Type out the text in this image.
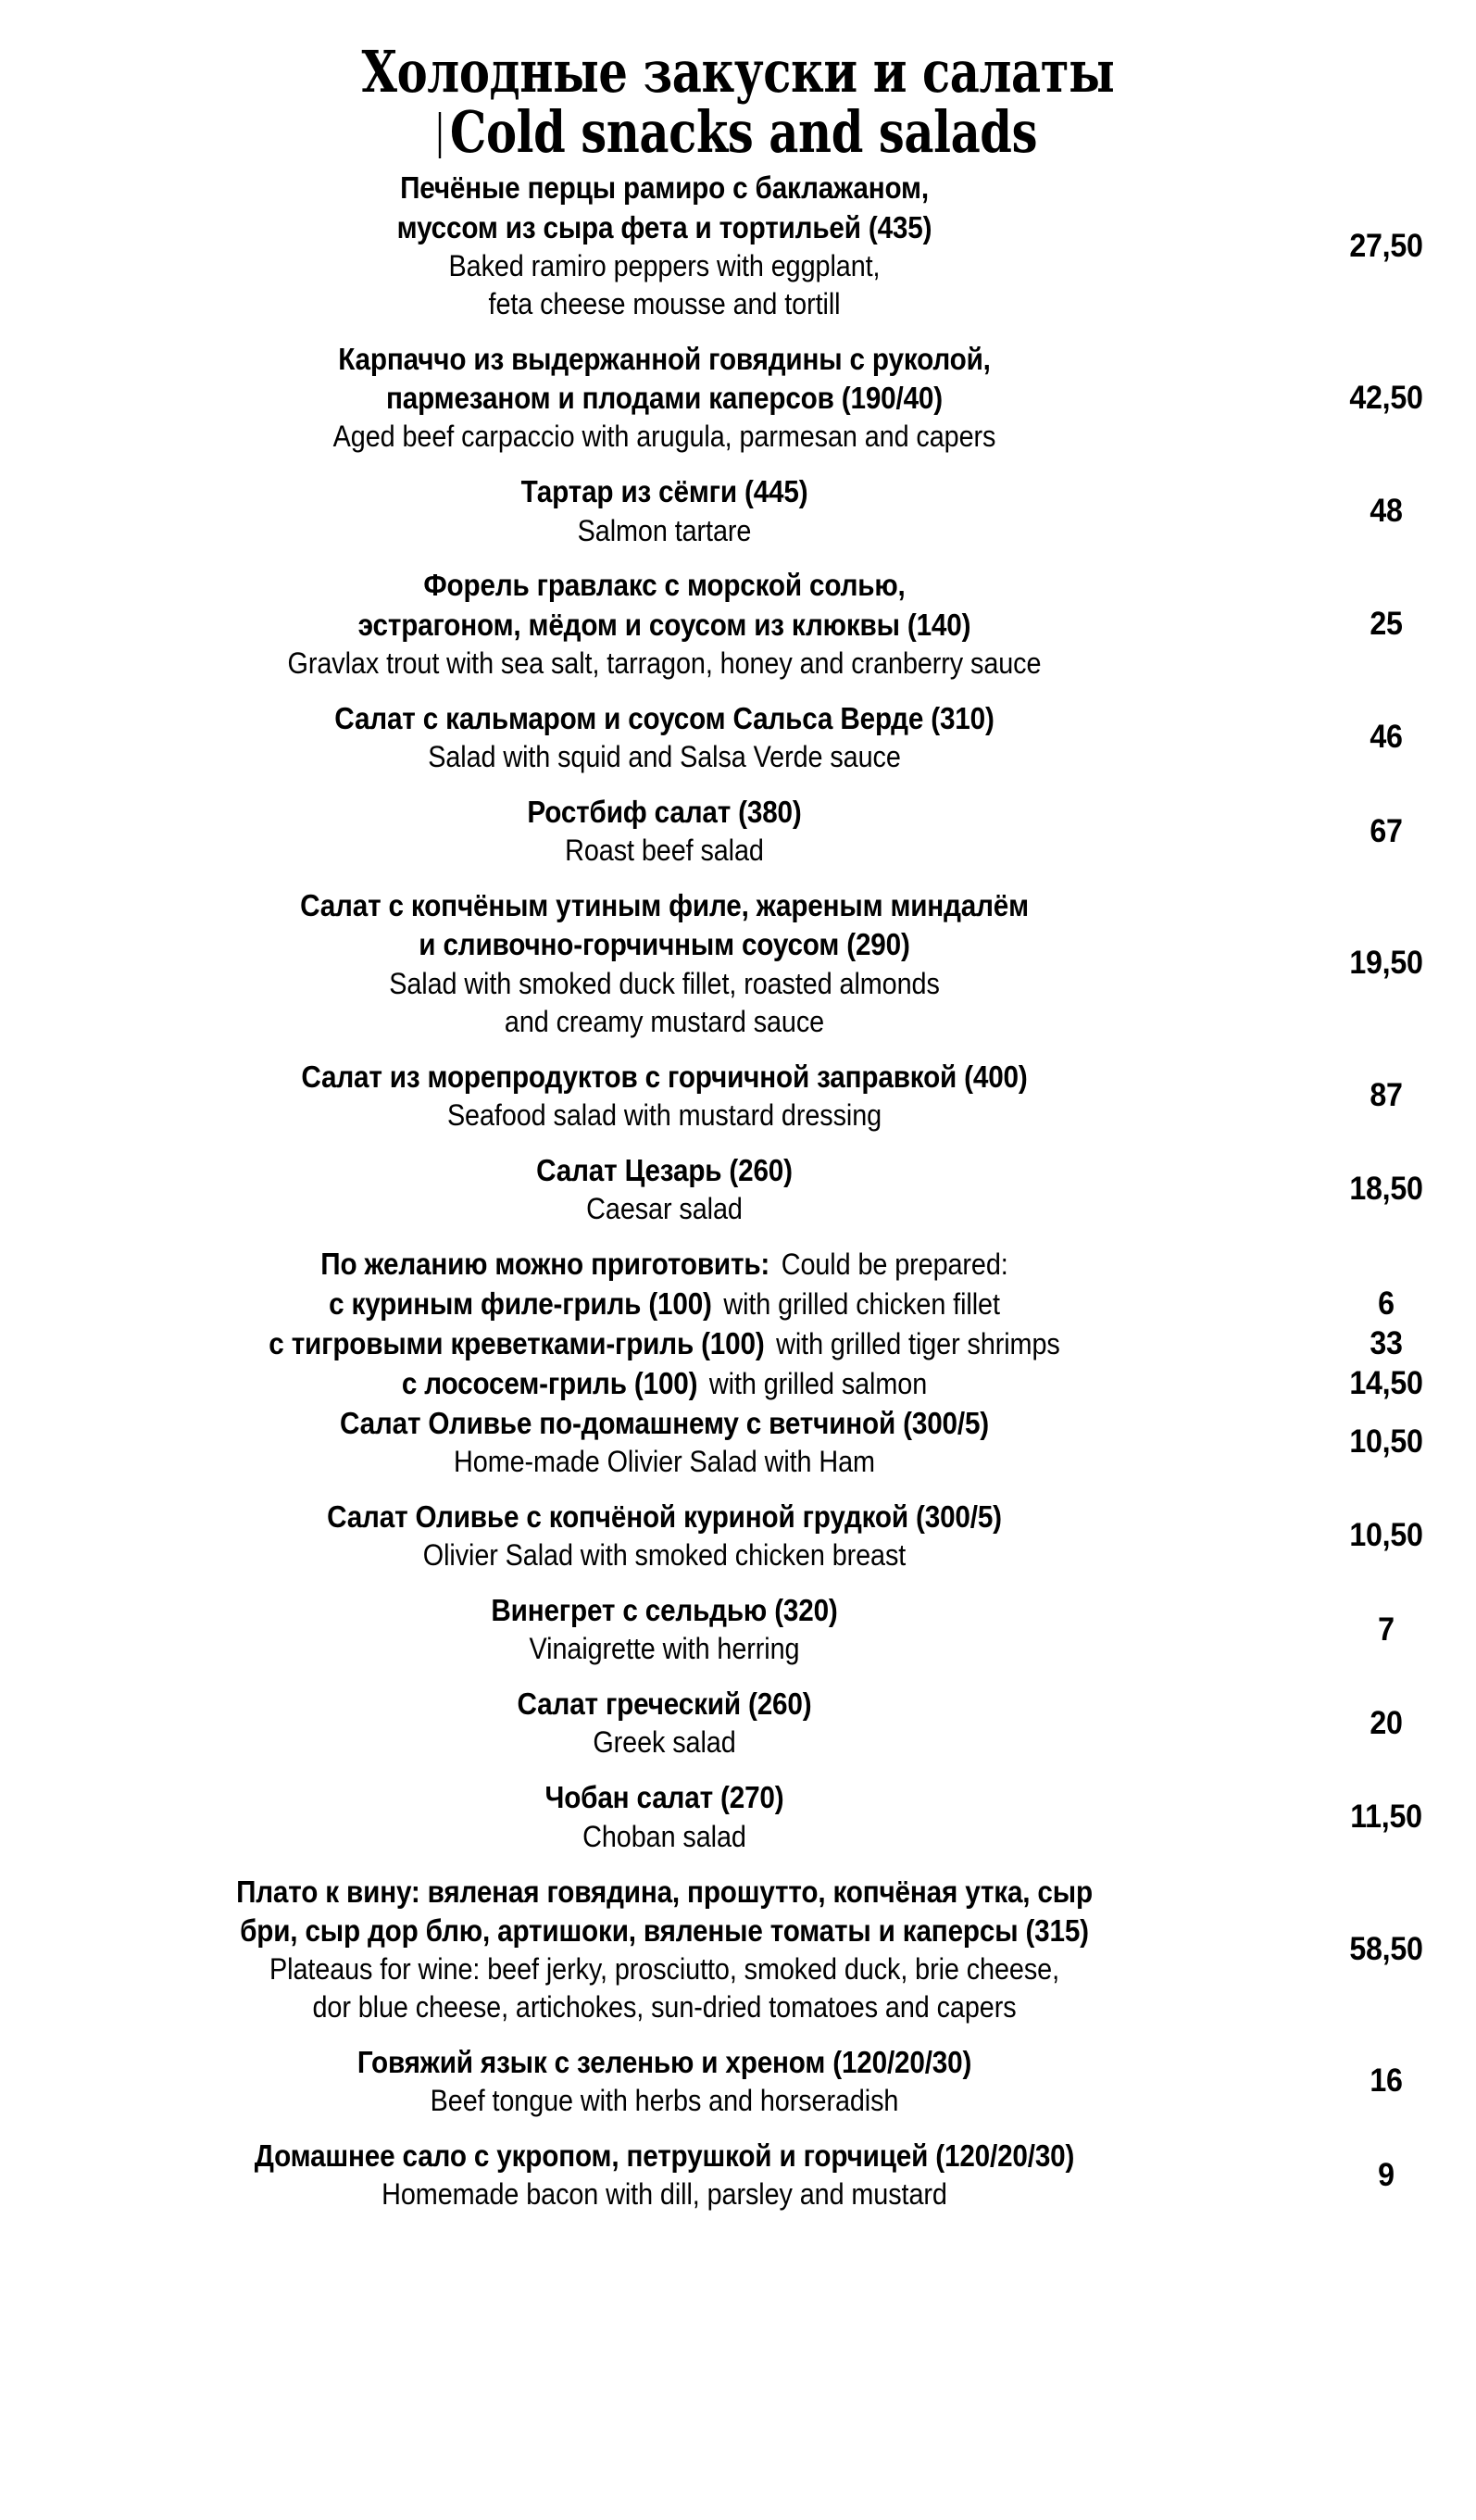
Холодные закуски и салаты
Cold snacks and salads
Печёные перцы рамиро с баклажаном,
муссом из сыра фета и тортильей (435)
Baked ramiro peppers with eggplant,
feta cheese mousse and tortill
27,50
Карпаччо из выдержанной говядины с руколой,
пармезаном и плодами каперсов (190/40)
Aged beef carpaccio with arugula, parmesan and capers
42,50
Тартар из сёмги (445)
Salmon tartare
48
Форель гравлакс с морской солью,
эстрагоном, мёдом и соусом из клюквы (140)
Gravlax trout with sea salt, tarragon, honey and cranberry sauce
25
Салат с кальмаром и соусом Сальса Верде (310)
Salad with squid and Salsa Verde sauce
46
Ростбиф салат (380)
Roast beef salad
67
Салат с копчёным утиным филе, жареным миндалём
и сливочно-горчичным соусом (290)
Salad with smoked duck fillet, roasted almonds
and creamy mustard sauce
19,50
Салат из морепродуктов с горчичной заправкой (400)
Seafood salad with mustard dressing
87
Салат Цезарь (260)
Caesar salad
18,50
По желанию можно приготовить: Could be prepared:
с куриным филе-гриль (100) with grilled chicken fillet	6
с тигровыми креветками-гриль (100) with grilled tiger shrimps	33
с лососем-гриль (100) with grilled salmon	14,50
Салат Оливье по-домашнему с ветчиной (300/5)
Home-made Olivier Salad with Ham
10,50
Салат Оливье с копчёной куриной грудкой (300/5)
Olivier Salad with smoked chicken breast
10,50
Винегрет с сельдью (320)
Vinaigrette with herring
7
Салат греческий (260)
Greek salad
20
Чобан салат (270)
Choban salad
11,50
Плато к вину: вяленая говядина, прошутто, копчёная утка, сыр
бри, сыр дор блю, артишоки, вяленые томаты и каперсы (315)
Plateaus for wine: beef jerky, prosciutto, smoked duck, brie cheese,
dor blue cheese, artichokes, sun-dried tomatoes and capers
58,50
Говяжий язык с зеленью и хреном (120/20/30)
Beef tongue with herbs and horseradish
16
Домашнее сало с укропом, петрушкой и горчицей (120/20/30)
Homemade bacon with dill, parsley and mustard
9
